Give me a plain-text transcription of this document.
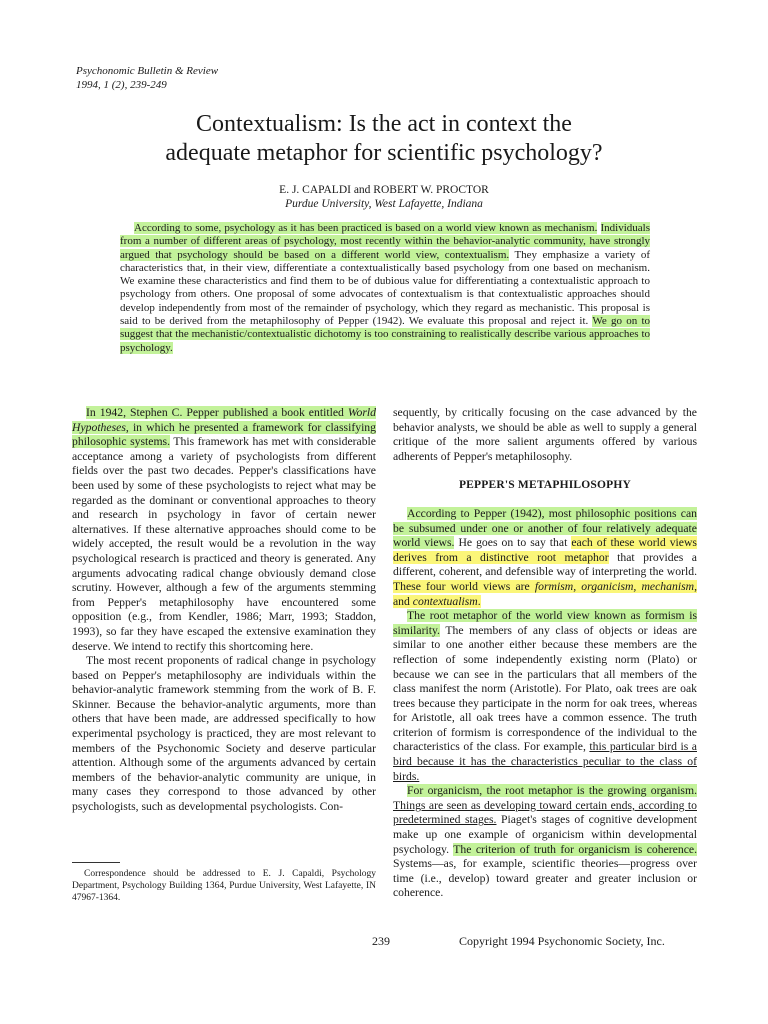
Psychonomic Bulletin & Review
1994, 1 (2), 239-249
Contextualism: Is the act in context the
adequate metaphor for scientific psychology?
E. J. CAPALDI and ROBERT W. PROCTOR
Purdue University, West Lafayette, Indiana

According to some, psychology as it has been practiced is based on a world view known as mechanism. Individuals from a number of different areas of psychology, most recently within the behavior-analytic community, have strongly argued that psychology should be based on a different world view, contextualism. They emphasize a variety of characteristics that, in their view, differentiate a contextualistically based psychology from one based on mechanism. We examine these characteristics and find them to be of dubious value for differentiating a contextualistic approach to psychology from others. One proposal of some advocates of contextualism is that contextualistic approaches should develop independently from most of the remainder of psychology, which they regard as mechanistic. This proposal is said to be derived from the metaphilosophy of Pepper (1942). We evaluate this proposal and reject it. We go on to suggest that the mechanistic/contextualistic dichotomy is too constraining to realistically describe various approaches to psychology.

In 1942, Stephen C. Pepper published a book entitled World Hypotheses, in which he presented a framework for classifying philosophic systems. This framework has met with considerable acceptance among a variety of psychologists from different fields over the past two decades. Pepper's classifications have been used by some of these psychologists to reject what may be regarded as the dominant or conventional approaches to theory and research in psychology in favor of certain newer alternatives. If these alternative approaches should come to be widely accepted, the result would be a revolution in the way psychological research is practiced and theory is generated. Any arguments advocating radical change obviously demand close scrutiny. However, although a few of the arguments stemming from Pepper's metaphilosophy have encountered some opposition (e.g., from Kendler, 1986; Marr, 1993; Staddon, 1993), so far they have escaped the extensive examination they deserve. We intend to rectify this shortcoming here.

The most recent proponents of radical change in psychology based on Pepper's metaphilosophy are individuals within the behavior-analytic framework stemming from the work of B. F. Skinner. Because the behavior-analytic arguments, more than others that have been made, are addressed specifically to how experimental psychology is practiced, they are most relevant to members of the Psychonomic Society and deserve particular attention. Although some of the arguments advanced by certain members of the behavior-analytic community are unique, in many cases they correspond to those advanced by other psychologists, such as developmental psychologists. Con-

Correspondence should be addressed to E. J. Capaldi, Psychology Department, Psychology Building 1364, Purdue University, West Lafayette, IN 47967-1364.

sequently, by critically focusing on the case advanced by the behavior analysts, we should be able as well to supply a general critique of the more salient arguments offered by various adherents of Pepper's metaphilosophy.

PEPPER'S METAPHILOSOPHY

According to Pepper (1942), most philosophic positions can be subsumed under one or another of four relatively adequate world views. He goes on to say that each of these world views derives from a distinctive root metaphor that provides a different, coherent, and defensible way of interpreting the world. These four world views are formism, organicism, mechanism, and contextualism.

The root metaphor of the world view known as formism is similarity. The members of any class of objects or ideas are similar to one another either because these members are the reflection of some independently existing norm (Plato) or because we can see in the particulars that all members of the class manifest the norm (Aristotle). For Plato, oak trees are oak trees because they participate in the norm for oak trees, whereas for Aristotle, all oak trees have a common essence. The truth criterion of formism is correspondence of the individual to the characteristics of the class. For example, this particular bird is a bird because it has the characteristics peculiar to the class of birds.

For organicism, the root metaphor is the growing organism. Things are seen as developing toward certain ends, according to predetermined stages. Piaget's stages of cognitive development make up one example of organicism within developmental psychology. The criterion of truth for organicism is coherence. Systems—as, for example, scientific theories—progress over time (i.e., develop) toward greater and greater inclusion or coherence.

239	Copyright 1994 Psychonomic Society, Inc.
